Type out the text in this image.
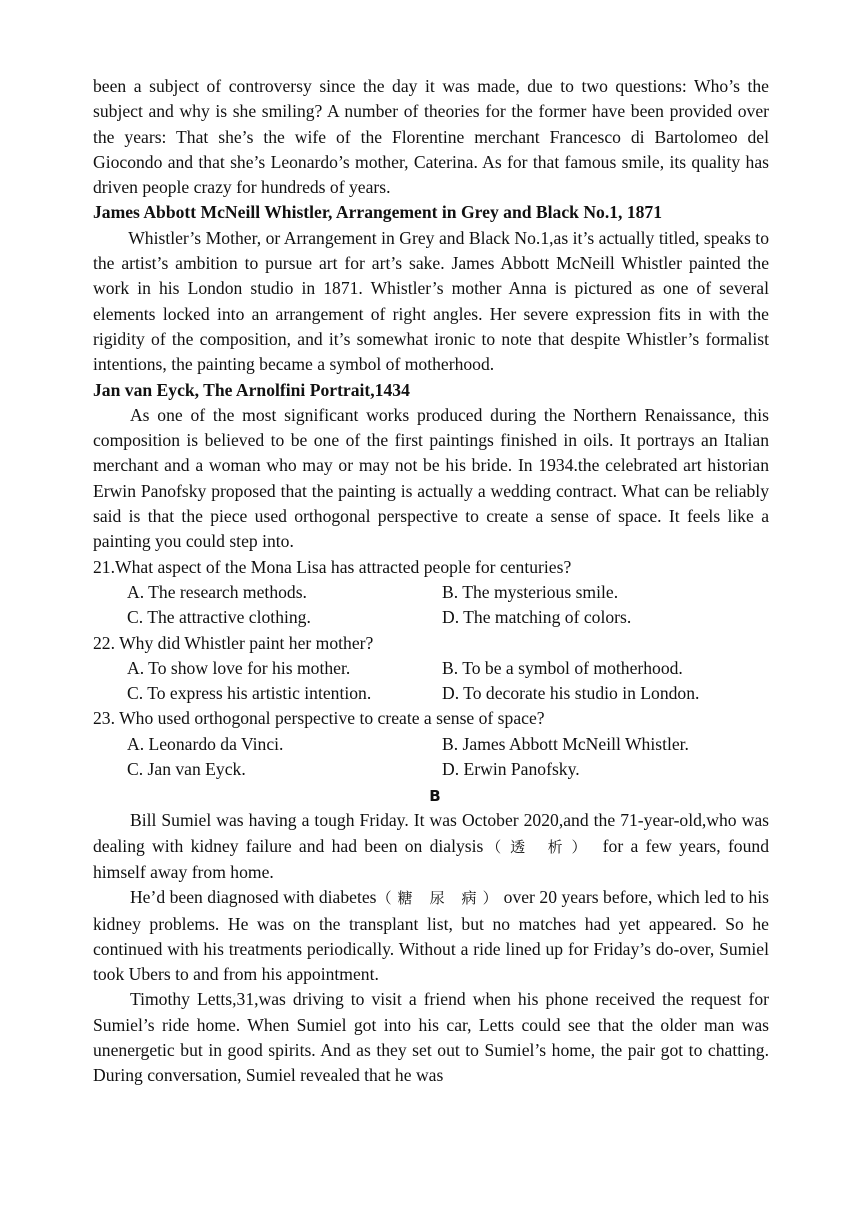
been a subject of controversy since the day it was made, due to two questions: Who’s the subject and why is she smiling? A number of theories for the former have been provided over the years: That she’s the wife of the Florentine merchant Francesco di Bartolomeo del Giocondo and that she’s Leonardo’s mother, Caterina. As for that famous smile, its quality has driven people crazy for hundreds of years.

James Abbott McNeill Whistler, Arrangement in Grey and Black No.1, 1871

Whistler’s Mother, or Arrangement in Grey and Black No.1,as it’s actually titled, speaks to the artist’s ambition to pursue art for art’s sake. James Abbott McNeill Whistler painted the work in his London studio in 1871. Whistler’s mother Anna is pictured as one of several elements locked into an arrangement of right angles. Her severe expression fits in with the rigidity of the composition, and it’s somewhat ironic to note that despite Whistler’s formalist intentions, the painting became a symbol of motherhood.

Jan van Eyck, The Arnolfini Portrait,1434

As one of the most significant works produced during the Northern Renaissance, this composition is believed to be one of the first paintings finished in oils. It portrays an Italian merchant and a woman who may or may not be his bride. In 1934.the celebrated art historian Erwin Panofsky proposed that the painting is actually a wedding contract. What can be reliably said is that the piece used orthogonal perspective to create a sense of space. It feels like a painting you could step into.

21.What aspect of the Mona Lisa has attracted people for centuries?

A. The research methods.	B. The mysterious smile.
C. The attractive clothing.	D. The matching of colors.

22. Why did Whistler paint her mother?

A. To show love for his mother.	B. To be a symbol of motherhood.
C. To express his artistic intention.	D. To decorate his studio in London.

23. Who used orthogonal perspective to create a sense of space?

A. Leonardo da Vinci.	B. James Abbott McNeill Whistler.
C. Jan van Eyck.	D. Erwin Panofsky.
B

Bill Sumiel was having a tough Friday. It was October 2020,and the 71-year-old,who was dealing with kidney failure and had been on dialysis（透 析） for a few years, found himself away from home.

He’d been diagnosed with diabetes（糖 尿 病）over 20 years before, which led to his kidney problems. He was on the transplant list, but no matches had yet appeared. So he continued with his treatments periodically. Without a ride lined up for Friday’s do-over, Sumiel took Ubers to and from his appointment.

Timothy Letts,31,was driving to visit a friend when his phone received the request for Sumiel’s ride home. When Sumiel got into his car, Letts could see that the older man was unenergetic but in good spirits. And as they set out to Sumiel’s home, the pair got to chatting. During conversation, Sumiel revealed that he was
